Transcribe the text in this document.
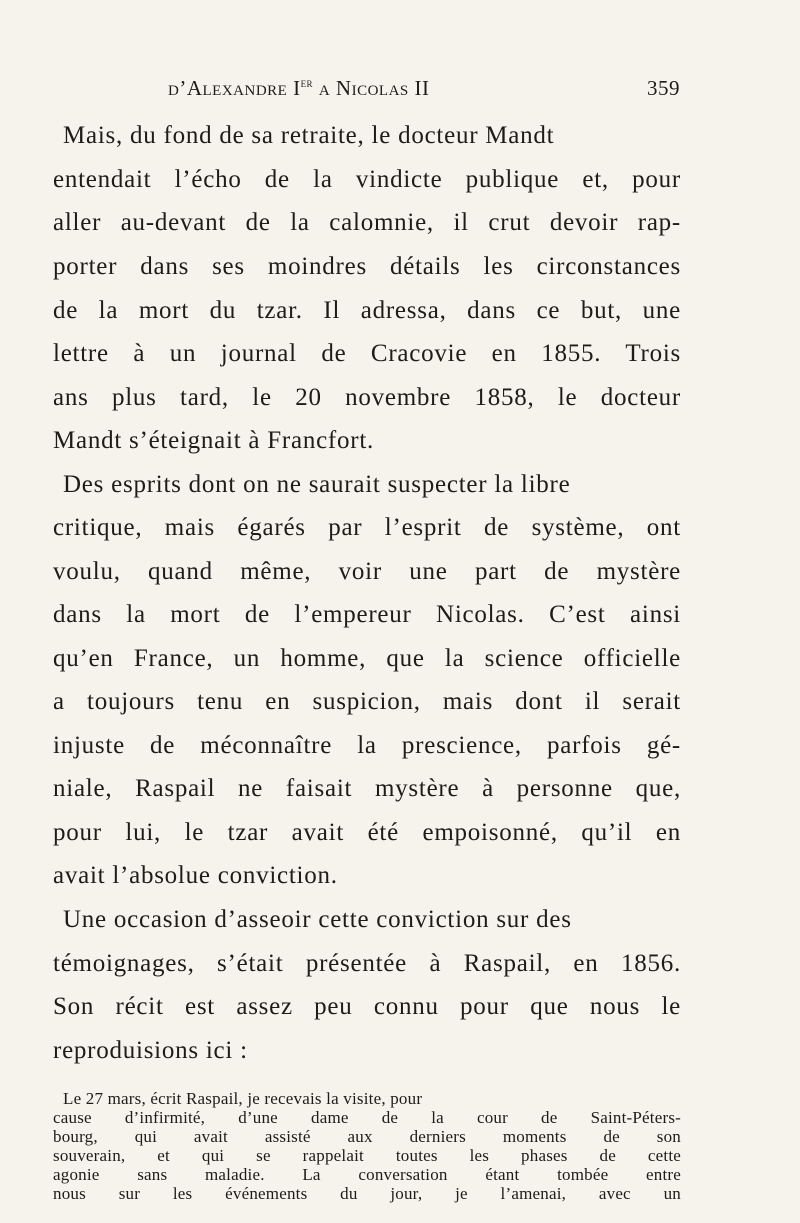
d’Alexandre Ier a Nicolas II	359

Mais, du fond de sa retraite, le docteur Mandt

entendait l’écho de la vindicte publique et, pour

aller au-devant de la calomnie, il crut devoir rap-

porter dans ses moindres détails les circonstances

de la mort du tzar. Il adressa, dans ce but, une

lettre à un journal de Cracovie en 1855. Trois

ans plus tard, le 20 novembre 1858, le docteur

Mandt s’éteignait à Francfort.

Des esprits dont on ne saurait suspecter la libre

critique, mais égarés par l’esprit de système, ont

voulu, quand même, voir une part de mystère

dans la mort de l’empereur Nicolas. C’est ainsi

qu’en France, un homme, que la science officielle

a toujours tenu en suspicion, mais dont il serait

injuste de méconnaître la prescience, parfois gé-

niale, Raspail ne faisait mystère à personne que,

pour lui, le tzar avait été empoisonné, qu’il en

avait l’absolue conviction.

Une occasion d’asseoir cette conviction sur des

témoignages, s’était présentée à Raspail, en 1856.

Son récit est assez peu connu pour que nous le

reproduisions ici :

Le 27 mars, écrit Raspail, je recevais la visite, pour

cause d’infirmité, d’une dame de la cour de Saint-Péters-

bourg, qui avait assisté aux derniers moments de son

souverain, et qui se rappelait toutes les phases de cette

agonie sans maladie. La conversation étant tombée entre

nous sur les événements du jour, je l’amenai, avec un
